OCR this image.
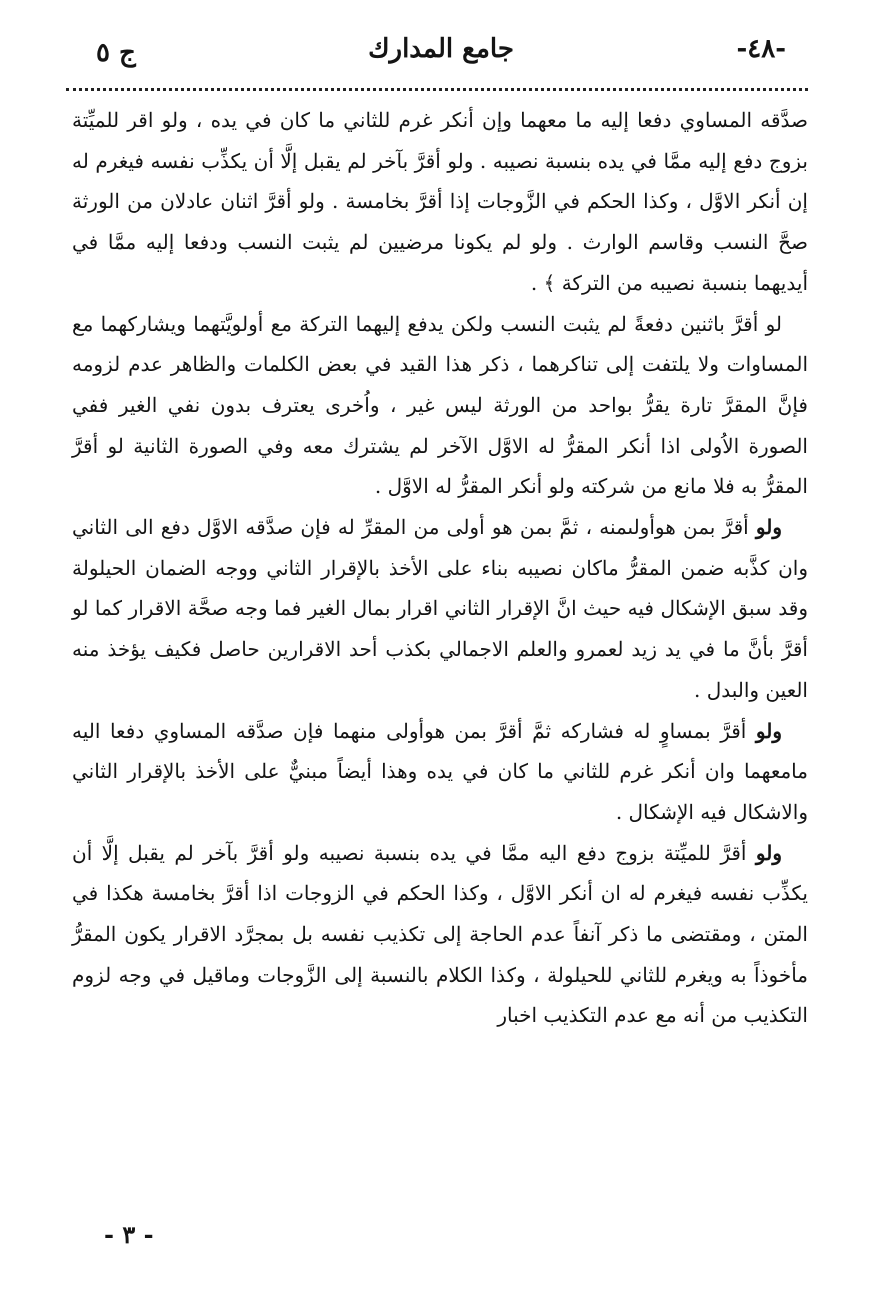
-٤٨-
جامع المدارك
ج ٥

صدَّقه المساوي دفعا إليه ما معهما وإن أنكر غرم للثاني ما كان في يده ، ولو اقر للميِّتة بزوج دفع إليه ممَّا في يده بنسبة نصيبه . ولو أقرَّ بآخر لم يقبل إلَّا أن يكذِّب نفسه فيغرم له إن أنكر الاوَّل ، وكذا الحكم في الزَّوجات إذا أقرَّ بخامسة . ولو أقرَّ اثنان عادلان من الورثة صحَّ النسب وقاسم الوارث . ولو لم يكونا مرضيين لم يثبت النسب ودفعا إليه ممَّا في أيديهما بنسبة نصيبه من التركة ﴾ .

لو أقرَّ باثنين دفعةً لم يثبت النسب ولكن يدفع إليهما التركة مع أولويَّتهما ويشاركهما مع المساوات ولا يلتفت إلى تناكرهما ، ذكر هذا القيد في بعض الكلمات والظاهر عدم لزومه فإنَّ المقرَّ تارة يقرُّ بواحد من الورثة ليس غير ، واُخرى يعترف بدون نفي الغير ففي الصورة الاُولى اذا أنكر المقرُّ له الاوَّل الآخر لم يشترك معه وفي الصورة الثانية لو أقرَّ المقرُّ به فلا مانع من شركته ولو أنكر المقرُّ له الاوَّل .

ولو أقرَّ بمن هوأولىمنه ، ثمَّ بمن هو أولى من المقرِّ له فإن صدَّقه الاوَّل دفع الى الثاني وان كذَّبه ضمن المقرُّ ماكان نصيبه بناء على الأخذ بالإقرار الثاني ووجه الضمان الحيلولة وقد سبق الإشكال فيه حيث انَّ الإقرار الثاني اقرار بمال الغير فما وجه صحَّة الاقرار كما لو أقرَّ بأنَّ ما في يد زيد لعمرو والعلم الاجمالي بكذب أحد الاقرارين حاصل فكيف يؤخذ منه العين والبدل .

ولو أقرَّ بمساوٍ له فشاركه ثمَّ أقرَّ بمن هوأولى منهما فإن صدَّقه المساوي دفعا اليه مامعهما وان أنكر غرم للثاني ما كان في يده وهذا أيضاً مبنيٌّ على الأخذ بالإقرار الثاني والاشكال فيه الإشكال .

ولو أقرَّ للميِّتة بزوج دفع اليه ممَّا في يده بنسبة نصيبه ولو أقرَّ بآخر لم يقبل إلَّا أن يكذِّب نفسه فيغرم له ان أنكر الاوَّل ، وكذا الحكم في الزوجات اذا أقرَّ بخامسة هكذا في المتن ، ومقتضى ما ذكر آنفاً عدم الحاجة إلى تكذيب نفسه بل بمجرَّد الاقرار يكون المقرُّ مأخوذاً به ويغرم للثاني للحيلولة ، وكذا الكلام بالنسبة إلى الزَّوجات وماقيل في وجه لزوم التكذيب من أنه مع عدم التكذيب اخبار

- ٣ -
